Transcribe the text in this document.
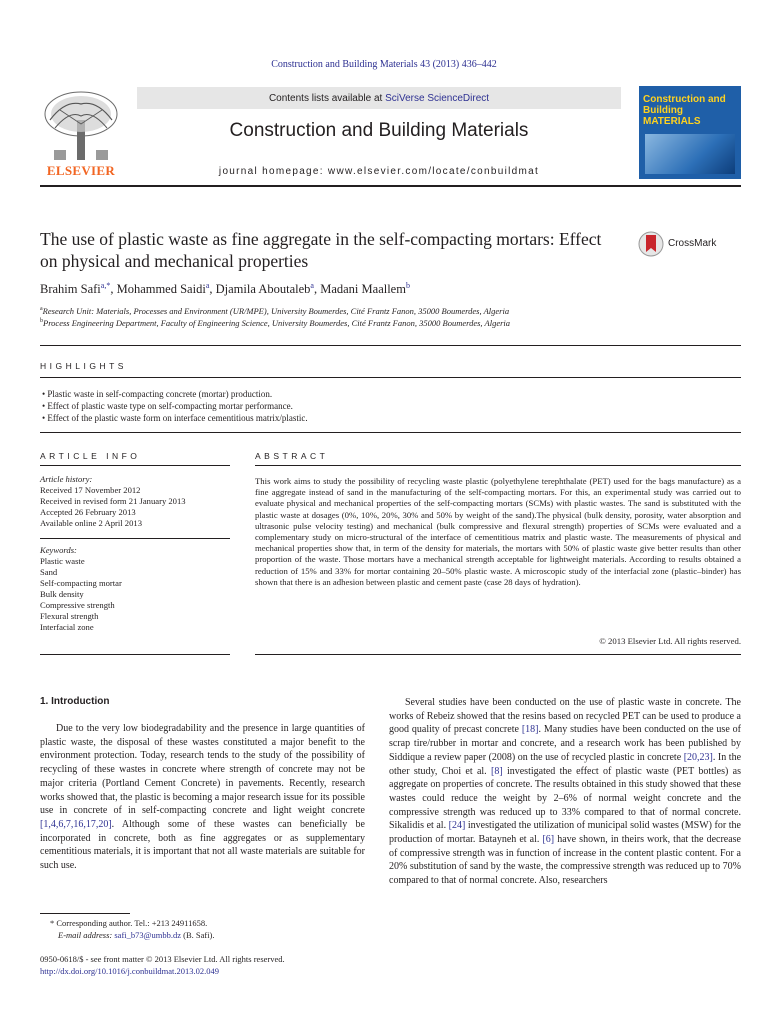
Construction and Building Materials 43 (2013) 436–442
ELSEVIER
Contents lists available at SciVerse ScienceDirect
Construction and Building Materials
journal homepage: www.elsevier.com/locate/conbuildmat
Construction and Building MATERIALS
The use of plastic waste as fine aggregate in the self-compacting mortars: Effect on physical and mechanical properties
CrossMark
Brahim Safi$^{a,*}$, Mohammed Saidi$^a$, Djamila Aboutaleb$^a$, Madani Maallem$^b$
$^a$Research Unit: Materials, Processes and Environment (UR/MPE), University Boumerdes, Cité Frantz Fanon, 35000 Boumerdes, Algeria
$^b$Process Engineering Department, Faculty of Engineering Science, University Boumerdes, Cité Frantz Fanon, 35000 Boumerdes, Algeria
HIGHLIGHTS
• Plastic waste in self-compacting concrete (mortar) production.
• Effect of plastic waste type on self-compacting mortar performance.
• Effect of the plastic waste form on interface cementitious matrix/plastic.
ARTICLE INFO
Article history:
Received 17 November 2012
Received in revised form 21 January 2013
Accepted 26 February 2013
Available online 2 April 2013
Keywords:
Plastic waste
Sand
Self-compacting mortar
Bulk density
Compressive strength
Flexural strength
Interfacial zone
ABSTRACT
This work aims to study the possibility of recycling waste plastic (polyethylene terephthalate (PET) used for the bags manufacture) as a fine aggregate instead of sand in the manufacturing of the self-compacting mortars. For this, an experimental study was carried out to evaluate physical and mechanical properties of the self-compacting mortars (SCMs) with plastic wastes. The sand is substituted with the plastic waste at dosages (0%, 10%, 20%, 30% and 50% by weight of the sand).The physical (bulk density, porosity, water absorption and ultrasonic pulse velocity testing) and mechanical (bulk compressive and flexural strength) properties of SCMs were evaluated and a complementary study on micro-structural of the interface of cementitious matrix and plastic waste. The measurements of physical and mechanical properties show that, in term of the density for materials, the mortars with 50% of plastic waste give better results than other proportion of the waste. Those mortars have a mechanical strength acceptable for lightweight materials. According to results obtained a reduction of 15% and 33% for mortar containing 20–50% plastic waste. A microscopic study of the interfacial zone (plastic–binder) has shown that there is an adhesion between plastic and cement paste (case 28 days of hydration).
© 2013 Elsevier Ltd. All rights reserved.
1. Introduction
Due to the very low biodegradability and the presence in large quantities of plastic waste, the disposal of these wastes constituted a major benefit to the environment protection. Today, research tends to the study of the possibility of recycling of these wastes in concrete where strength of concrete may not be major criteria (Portland Cement Concrete) in pavements. Recently, research works showed that, the plastic is becoming a major research issue for its possible use in concrete of in self-compacting concrete and light weight concrete [1,4,6,7,16,17,20]. Although some of these wastes can beneficially be incorporated in concrete, both as fine aggregates or as supplementary cementitious materials, it is important that not all waste materials are suitable for such use.
Several studies have been conducted on the use of plastic waste in concrete. The works of Rebeiz showed that the resins based on recycled PET can be used to produce a good quality of precast concrete [18]. Many studies have been conducted on the use of scrap tire/rubber in mortar and concrete, and a research work has been published by Siddique a review paper (2008) on the use of recycled plastic in concrete [20,23]. In the other study, Choi et al. [8] investigated the effect of plastic waste (PET bottles) as aggregate on properties of concrete. The results obtained in this study showed that these wastes could reduce the weight by 2–6% of normal weight concrete and the compressive strength was reduced up to 33% compared to that of normal concrete. Sikalidis et al. [24] investigated the utilization of municipal solid wastes (MSW) for the production of mortar. Batayneh et al. [6] have shown, in theirs work, that the decrease of compressive strength was in function of increase in the content plastic content. For a 20% substitution of sand by the waste, the compressive strength was reduced up to 70% compared to that of normal concrete. Also, researchers
* Corresponding author. Tel.: +213 24911658.
E-mail address: safi_b73@umbb.dz (B. Safi).
0950-0618/$ - see front matter © 2013 Elsevier Ltd. All rights reserved.
http://dx.doi.org/10.1016/j.conbuildmat.2013.02.049
